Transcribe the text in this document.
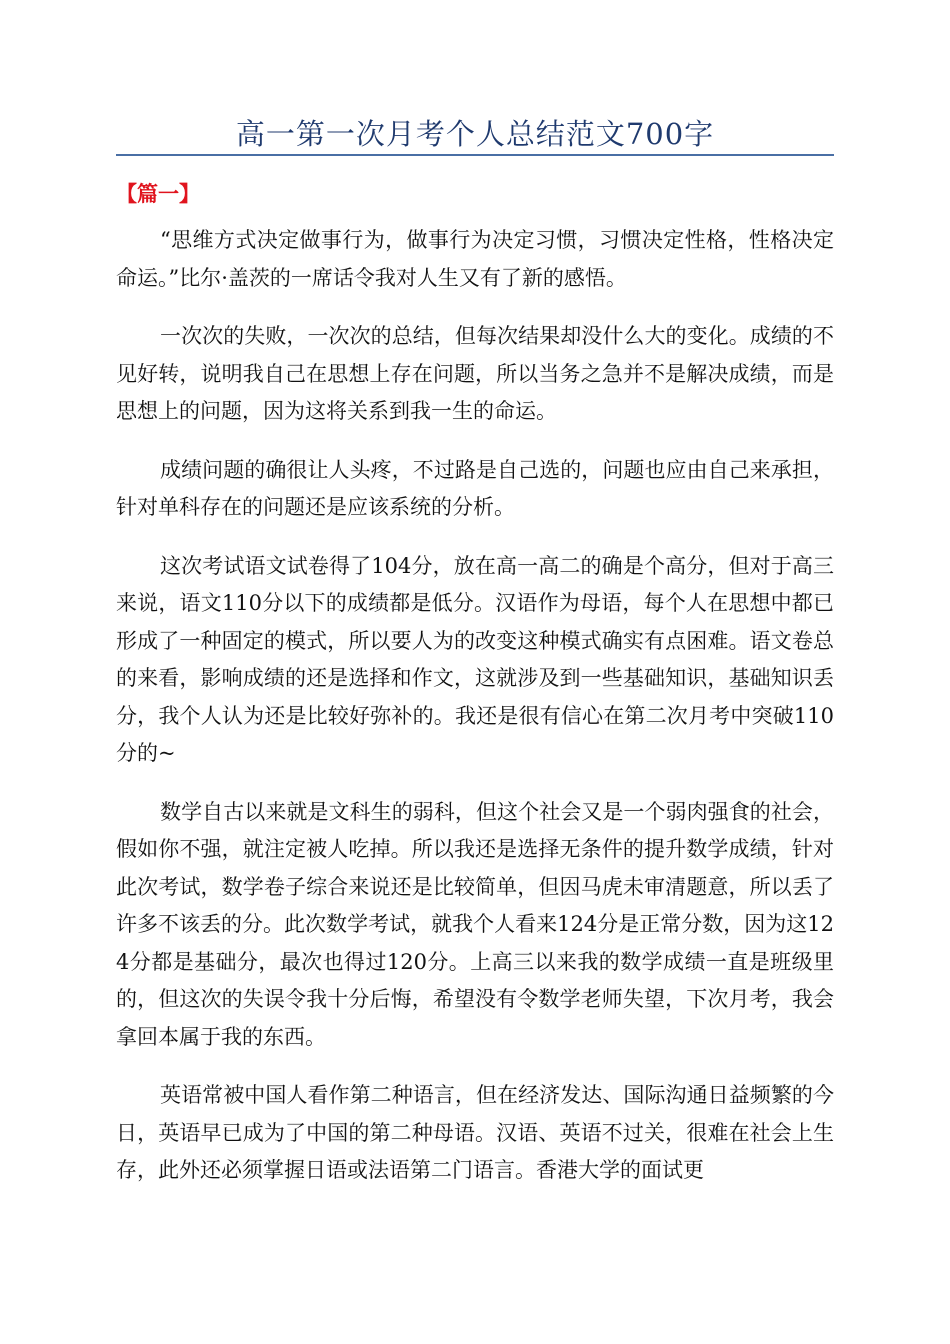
高一第一次月考个人总结范文700字
【篇一】

“思维方式决定做事行为，做事行为决定习惯，习惯决定性格，性格决定命运。”比尔·盖茨的一席话令我对人生又有了新的感悟。

一次次的失败，一次次的总结，但每次结果却没什么大的变化。成绩的不见好转，说明我自己在思想上存在问题，所以当务之急并不是解决成绩，而是思想上的问题，因为这将关系到我一生的命运。

成绩问题的确很让人头疼，不过路是自己选的，问题也应由自己来承担，针对单科存在的问题还是应该系统的分析。

这次考试语文试卷得了104分，放在高一高二的确是个高分，但对于高三来说，语文110分以下的成绩都是低分。汉语作为母语，每个人在思想中都已形成了一种固定的模式，所以要人为的改变这种模式确实有点困难。语文卷总的来看，影响成绩的还是选择和作文，这就涉及到一些基础知识，基础知识丢分，我个人认为还是比较好弥补的。我还是很有信心在第二次月考中突破110分的~

数学自古以来就是文科生的弱科，但这个社会又是一个弱肉强食的社会，假如你不强，就注定被人吃掉。所以我还是选择无条件的提升数学成绩，针对此次考试，数学卷子综合来说还是比较简单，但因马虎未审清题意，所以丢了许多不该丢的分。此次数学考试，就我个人看来124分是正常分数，因为这124分都是基础分，最次也得过120分。上高三以来我的数学成绩一直是班级里的，但这次的失误令我十分后悔，希望没有令数学老师失望，下次月考，我会拿回本属于我的东西。

英语常被中国人看作第二种语言，但在经济发达、国际沟通日益频繁的今日，英语早已成为了中国的第二种母语。汉语、英语不过关，很难在社会上生存，此外还必须掌握日语或法语第二门语言。香港大学的面试更
